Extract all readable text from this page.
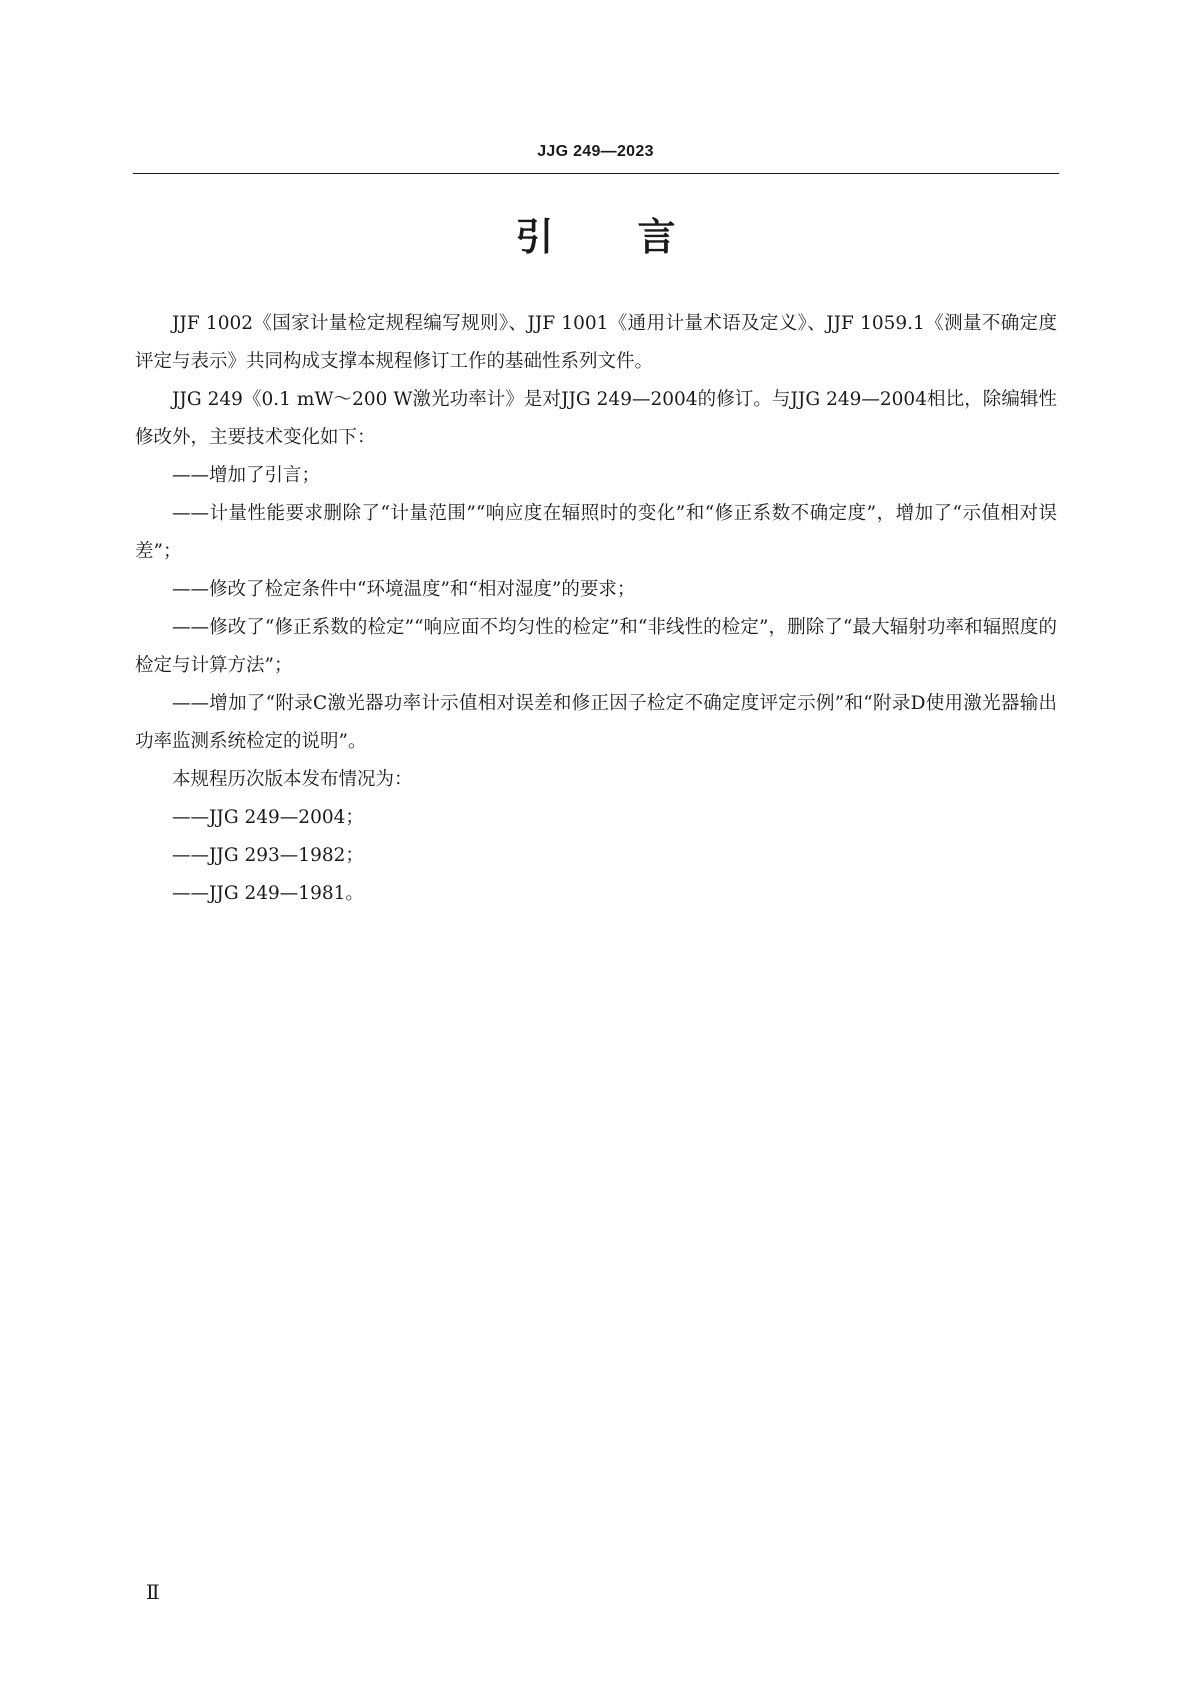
JJG 249—2023
引 言

JJF 1002《国家计量检定规程编写规则》、JJF 1001《通用计量术语及定义》、JJF 1059.1《测量不确定度评定与表示》共同构成支撑本规程修订工作的基础性系列文件。

JJG 249《0.1 mW～200 W激光功率计》是对JJG 249—2004的修订。与JJG 249—2004相比，除编辑性修改外，主要技术变化如下：

——增加了引言；

——计量性能要求删除了“计量范围”“响应度在辐照时的变化”和“修正系数不确定度”，增加了“示值相对误差”；

——修改了检定条件中“环境温度”和“相对湿度”的要求；

——修改了“修正系数的检定”“响应面不均匀性的检定”和“非线性的检定”，删除了“最大辐射功率和辐照度的检定与计算方法”；

——增加了“附录C激光器功率计示值相对误差和修正因子检定不确定度评定示例”和“附录D使用激光器输出功率监测系统检定的说明”。

本规程历次版本发布情况为：

——JJG 249—2004；

——JJG 293—1982；

——JJG 249—1981。

Ⅱ
